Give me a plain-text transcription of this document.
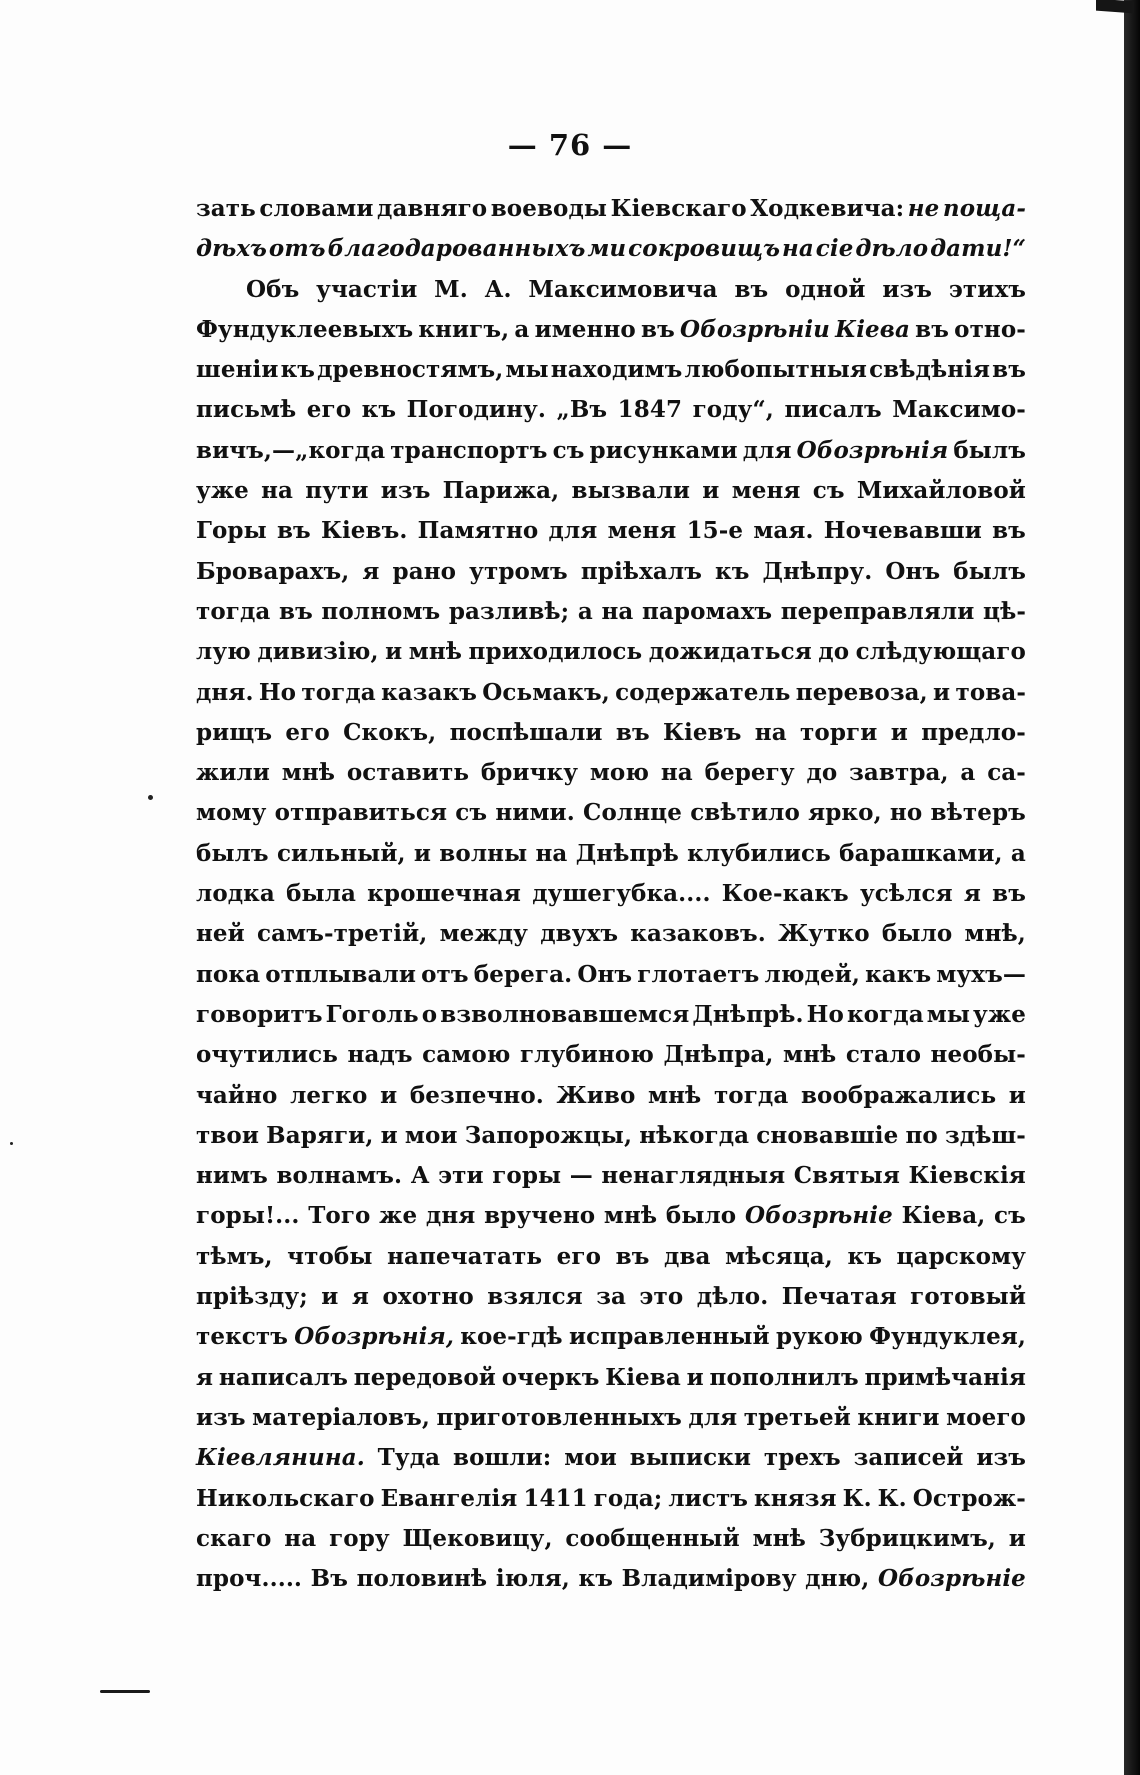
— 76 —
зать словами давняго воеводы Кіевскаго Ходкевича: не поща-
дѣхъ отъ благодарованныхъ ми сокровищъ на сіе дѣло дати!“
Объ участіи М. А. Максимовича въ одной изъ этихъ
Фундуклеевыхъ книгъ, а именно въ Обозрѣніи Кіева въ отно-
шеніи къ древностямъ, мы находимъ любопытныя свѣдѣнія въ
письмѣ его къ Погодину. „Въ 1847 году“, писалъ Максимо-
вичъ,—„когда транспортъ съ рисунками для Обозрѣнія былъ
уже на пути изъ Парижа, вызвали и меня съ Михайловой
Горы въ Кіевъ. Памятно для меня 15-е мая. Ночевавши въ
Броварахъ, я рано утромъ пріѣхалъ къ Днѣпру. Онъ былъ
тогда въ полномъ разливѣ; а на паромахъ переправляли цѣ-
лую дивизію, и мнѣ приходилось дожидаться до слѣдующаго
дня. Но тогда казакъ Осьмакъ, содержатель перевоза, и това-
рищъ его Скокъ, поспѣшали въ Кіевъ на торги и предло-
жили мнѣ оставить бричку мою на берегу до завтра, а са-
мому отправиться съ ними. Солнце свѣтило ярко, но вѣтеръ
былъ сильный, и волны на Днѣпрѣ клубились барашками, а
лодка была крошечная душегубка.... Кое-какъ усѣлся я въ
ней самъ-третій, между двухъ казаковъ. Жутко было мнѣ,
пока отплывали отъ берега. Онъ глотаетъ людей, какъ мухъ—
говоритъ Гоголь о взволновавшемся Днѣпрѣ. Но когда мы уже
очутились надъ самою глубиною Днѣпра, мнѣ стало необы-
чайно легко и безпечно. Живо мнѣ тогда воображались и
твои Варяги, и мои Запорожцы, нѣкогда сновавшіе по здѣш-
нимъ волнамъ. А эти горы — ненаглядныя Святыя Кіевскія
горы!... Того же дня вручено мнѣ было Обозрѣніе Кіева, съ
тѣмъ, чтобы напечатать его въ два мѣсяца, къ царскому
пріѣзду; и я охотно взялся за это дѣло. Печатая готовый
текстъ Обозрѣнія, кое-гдѣ исправленный рукою Фундуклея,
я написалъ передовой очеркъ Кіева и пополнилъ примѣчанія
изъ матеріаловъ, приготовленныхъ для третьей книги моего
Кіевлянина. Туда вошли: мои выписки трехъ записей изъ
Никольскаго Евангелія 1411 года; листъ князя К. К. Острож-
скаго на гору Щековицу, сообщенный мнѣ Зубрицкимъ, и
проч..... Въ половинѣ іюля, къ Владимірову дню, Обозрѣніе
